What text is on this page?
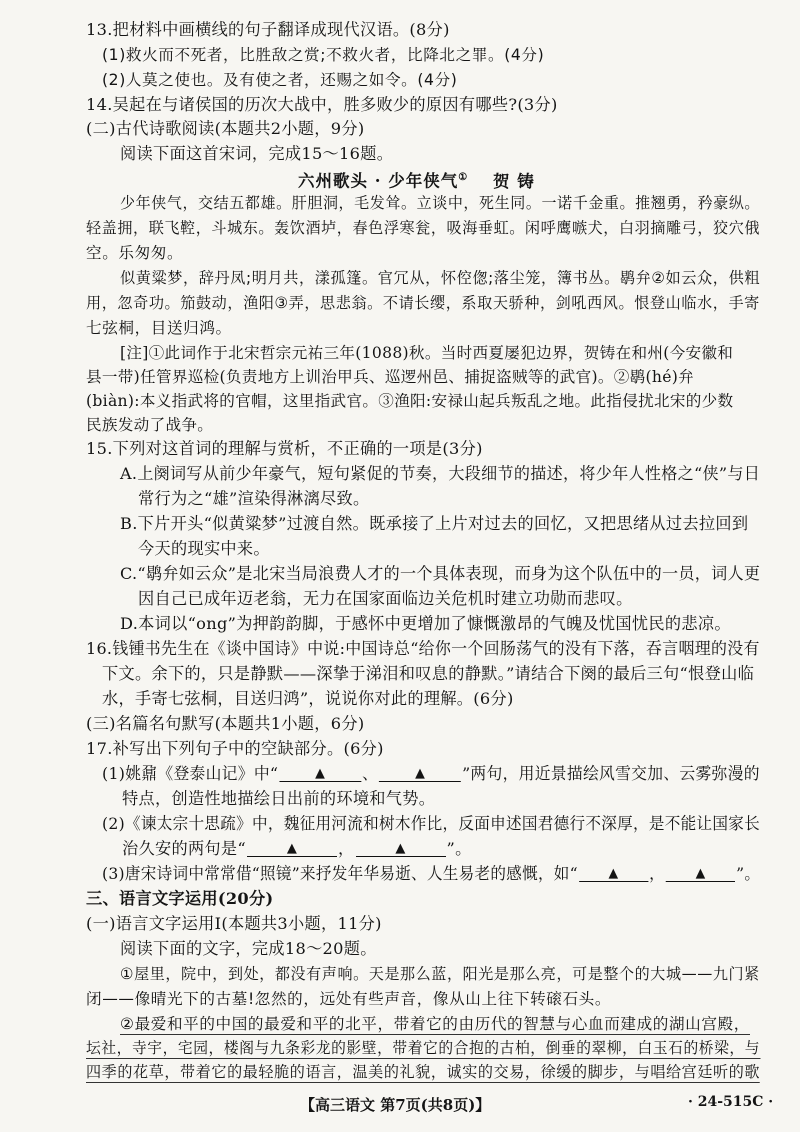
13.把材料中画横线的句子翻译成现代汉语。(8分)
(1)救火而不死者，比胜敌之赏;不救火者，比降北之罪。(4分)
(2)人莫之使也。及有使之者，还赐之如令。(4分)
14.吴起在与诸侯国的历次大战中，胜多败少的原因有哪些?(3分)
(二)古代诗歌阅读(本题共2小题，9分)
阅读下面这首宋词，完成15～16题。
六州歌头 · 少年侠气① 贺 铸
少年侠气，交结五都雄。肝胆洞，毛发耸。立谈中，死生同。一诺千金重。推翘勇，矜豪纵。
轻盖拥，联飞鞚，斗城东。轰饮酒垆，春色浮寒瓮，吸海垂虹。闲呼鹰嗾犬，白羽摘雕弓，狡穴俄
空。乐匆匆。
似黄粱梦，辞丹凤;明月共，漾孤篷。官冗从，怀倥偬;落尘笼，簿书丛。鹖弁②如云众，供粗
用，忽奇功。笳鼓动，渔阳③弄，思悲翁。不请长缨，系取天骄种，剑吼西风。恨登山临水，手寄
七弦桐，目送归鸿。
[注]①此词作于北宋哲宗元祐三年(1088)秋。当时西夏屡犯边界，贺铸在和州(今安徽和
县一带)任管界巡检(负责地方上训治甲兵、巡逻州邑、捕捉盗贼等的武官)。②鹖(hé)弁
(biàn):本义指武将的官帽，这里指武官。③渔阳:安禄山起兵叛乱之地。此指侵扰北宋的少数
民族发动了战争。
15.下列对这首词的理解与赏析，不正确的一项是(3分)
A.上阕词写从前少年豪气，短句紧促的节奏，大段细节的描述，将少年人性格之“侠”与日
常行为之“雄”渲染得淋漓尽致。
B.下片开头“似黄粱梦”过渡自然。既承接了上片对过去的回忆，又把思绪从过去拉回到
今天的现实中来。
C.“鹖弁如云众”是北宋当局浪费人才的一个具体表现，而身为这个队伍中的一员，词人更
因自己已成年迈老翁，无力在国家面临边关危机时建立功勋而悲叹。
D.本词以“ong”为押韵韵脚，于感怀中更增加了慷慨激昂的气魄及忧国忧民的悲凉。
16.钱锺书先生在《谈中国诗》中说:中国诗总“给你一个回肠荡气的没有下落，吞言咽理的没有
下文。余下的，只是静默——深挚于涕泪和叹息的静默。”请结合下阕的最后三句“恨登山临
水，手寄七弦桐，目送归鸿”，说说你对此的理解。(6分)
(三)名篇名句默写(本题共1小题，6分)
17.补写出下列句子中的空缺部分。(6分)
(1)姚鼐《登泰山记》中“	▲ 、	▲ ”两句，用近景描绘风雪交加、云雾弥漫的
特点，创造性地描绘日出前的环境和气势。
(2)《谏太宗十思疏》中，魏征用河流和树木作比，反面申述国君德行不深厚，是不能让国家长
治久安的两句是“	▲	，	▲	”。
(3)唐宋诗词中常常借“照镜”来抒发年华易逝、人生易老的感慨，如“ ▲ ， ▲ ”。
三、语言文字运用(20分)
(一)语言文字运用Ⅰ(本题共3小题，11分)
阅读下面的文字，完成18～20题。
①屋里，院中，到处，都没有声响。天是那么蓝，阳光是那么亮，可是整个的大城——九门紧
闭——像晴光下的古墓!忽然的，远处有些声音，像从山上往下转磙石头。
②最爱和平的中国的最爱和平的北平，带着它的由历代的智慧与心血而建成的湖山宫殿，
坛社，寺宇，宅园，楼阁与九条彩龙的影壁，带着它的合抱的古柏，倒垂的翠柳，白玉石的桥梁，与
四季的花草，带着它的最轻脆的语言，温美的礼貌，诚实的交易，徐缓的脚步，与唱给宫廷听的歌
【高三语文 第7页(共8页)】	· 24-515C ·
